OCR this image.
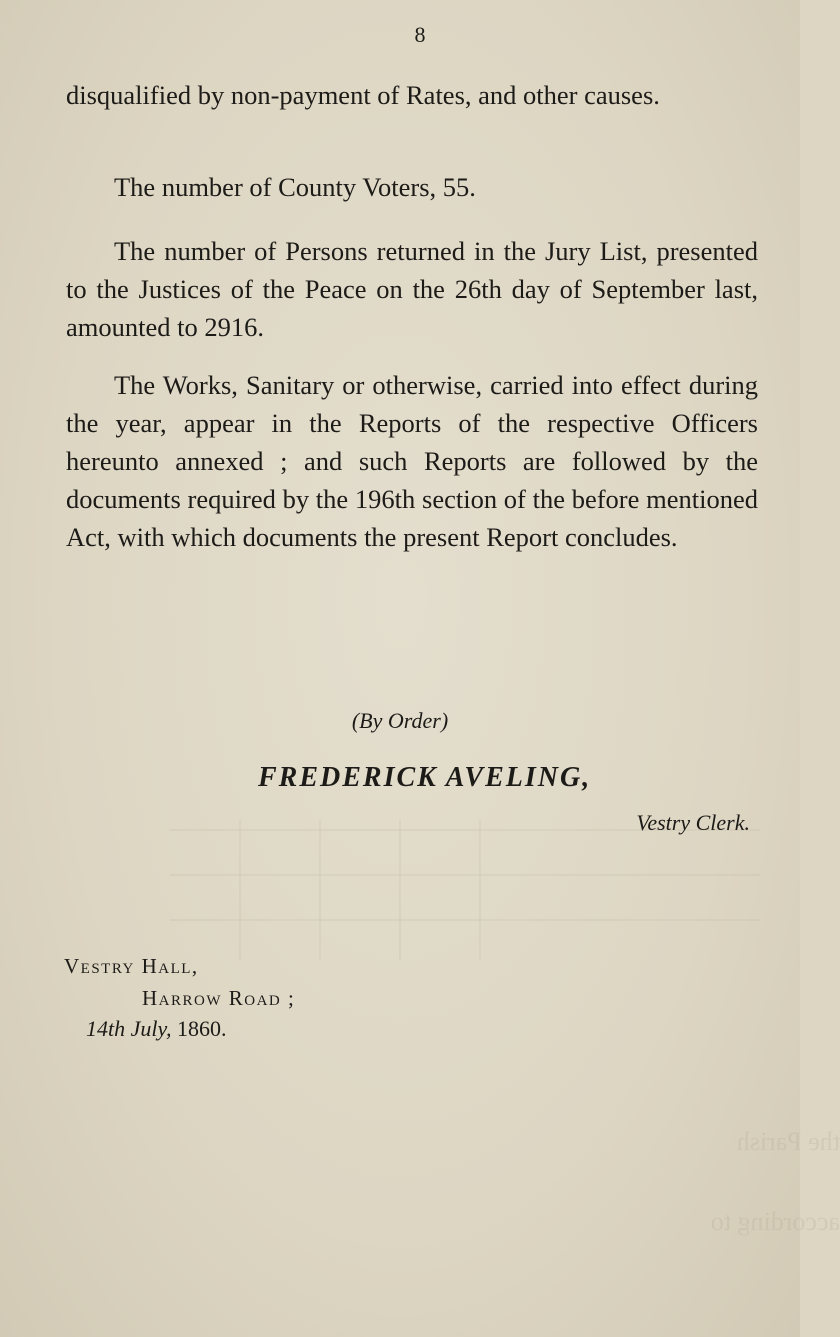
the Parish
according to
8

disqualified by non-payment of Rates, and other causes.

The number of County Voters, 55.

The number of Persons returned in the Jury List, presented to the Justices of the Peace on the 26th day of September last, amounted to 2916.

The Works, Sanitary or otherwise, carried into effect during the year, appear in the Reports of the respective Officers hereunto annexed ; and such Reports are followed by the documents required by the 196th section of the before mentioned Act, with which documents the present Report concludes.

(By Order)
FREDERICK AVELING,
Vestry Clerk.
Vestry Hall,
Harrow Road ;
14th July, 1860.
